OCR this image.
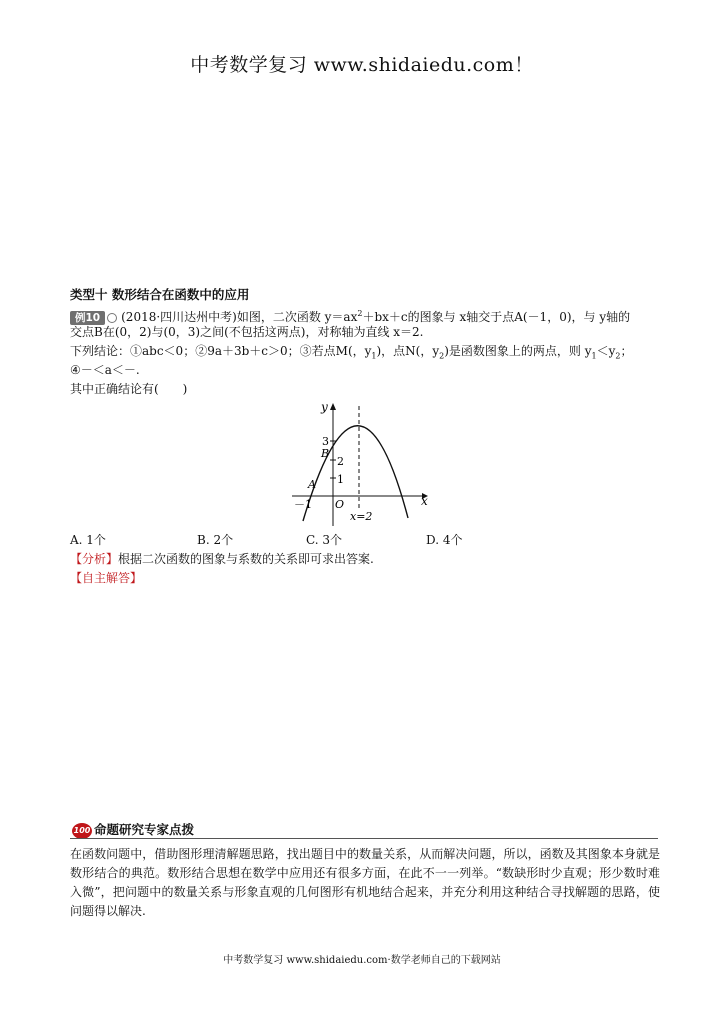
中考数学复习 www.shidaiedu.com！
类型十 数形结合在函数中的应用
例10 (2018·四川达州中考)如图，二次函数 $y=ax^2+bx+c$的图象与 x轴交于点A(－1，0)，与 y轴的
交点B在(0，2)与(0，3)之间(不包括这两点)，对称轴为直线 x＝2.
下列结论：①abc＜0；②9a＋3b＋c＞0；③若点M(，$y_1$)，点N(，$y_2$)是函数图象上的两点，则 $y_1<y_2$；
④－＜a＜－.
其中正确结论有(　　)
y
x
O
3
2
1
－1
A
B
x=2
A. 1个	B. 2个	C. 3个	D. 4个
【分析】根据二次函数的图象与系数的关系即可求出答案.
【自主解答】
100 命题研究专家点拨
在函数问题中，借助图形理清解题思路，找出题目中的数量关系，从而解决问题，所以，函数及其图象本身就是数形结合的典范。数形结合思想在数学中应用还有很多方面，在此不一一列举。“数缺形时少直观；形少数时难入微”，把问题中的数量关系与形象直观的几何图形有机地结合起来，并充分利用这种结合寻找解题的思路，使问题得以解决.
中考数学复习 www.shidaiedu.com·数学老师自己的下载网站
